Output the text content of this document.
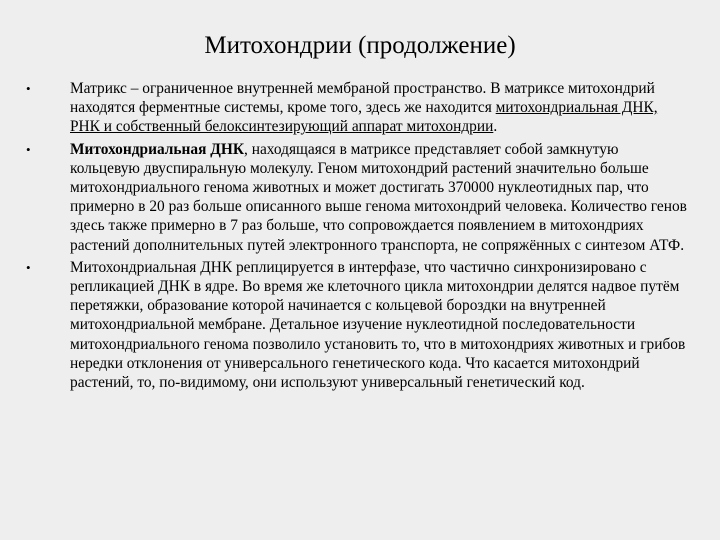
Митохондрии (продолжение)
•	Матрикс – ограниченное внутренней мембраной пространство. В матриксе митохондрий находятся ферментные системы, кроме того, здесь же находится митохондриальная ДНК, РНК и собственный белоксинтезирующий аппарат митохондрии.
•	Митохондриальная ДНК, находящаяся в матриксе представляет собой замкнутую кольцевую двуспиральную молекулу. Геном митохондрий растений значительно больше митохондриального генома животных и может достигать 370000 нуклеотидных пар, что примерно в 20 раз больше описанного выше генома митохондрий человека. Количество генов здесь также примерно в 7 раз больше, что сопровождается появлением в митохондриях растений дополнительных путей электронного транспорта, не сопряжённых с синтезом АТФ.
•	Митохондриальная ДНК реплицируется в интерфазе, что частично синхронизировано с репликацией ДНК в ядре. Во время же клеточного цикла митохондрии делятся надвое путём перетяжки, образование которой начинается с кольцевой бороздки на внутренней митохондриальной мембране. Детальное изучение нуклеотидной последовательности митохондриального генома позволило установить то, что в митохондриях животных и грибов нередки отклонения от универсального генетического кода. Что касается митохондрий растений, то, по-видимому, они используют универсальный генетический код.
